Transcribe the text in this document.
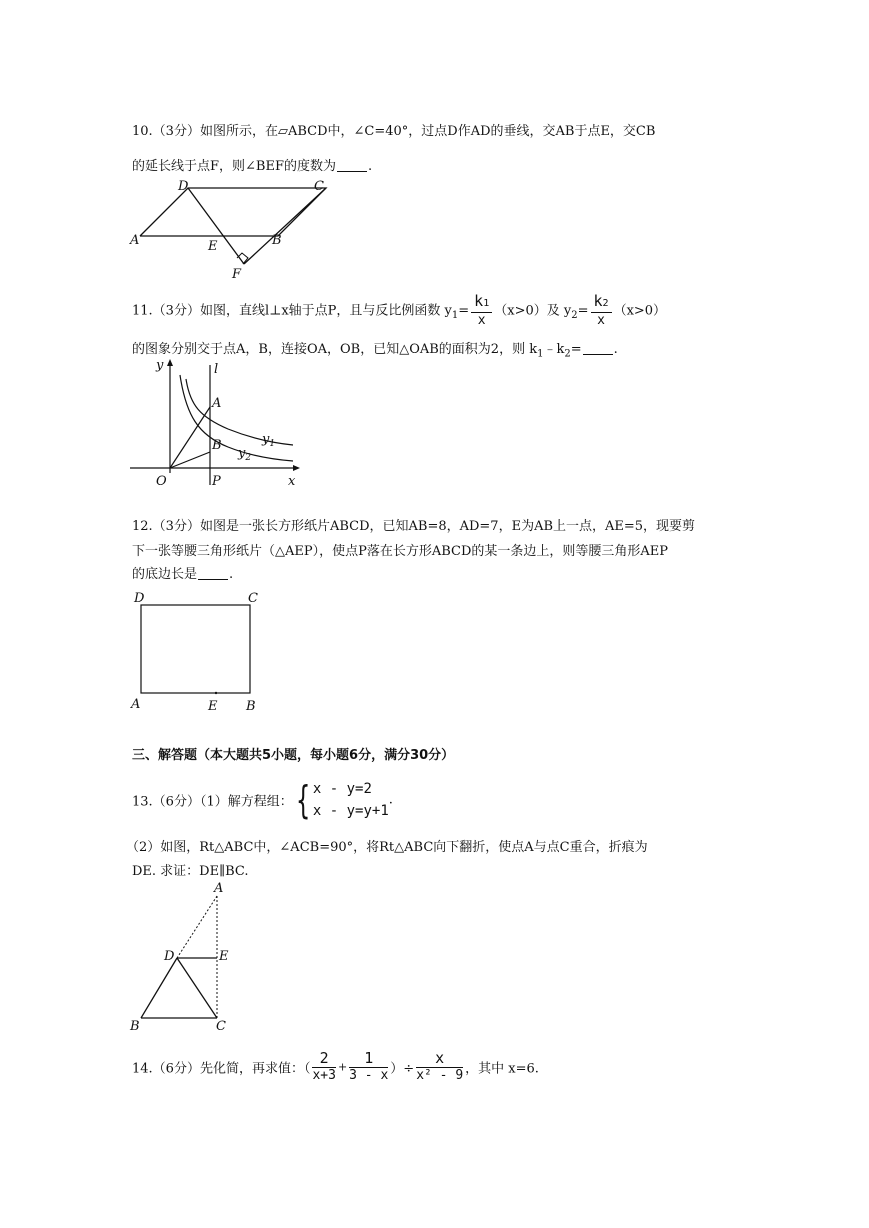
10.（3分）如图所示，在▱ABCD中，∠C=40°，过点D作AD的垂线，交AB于点E，交CB
的延长线于点F，则∠BEF的度数为 .
D	C
A	E	B
F
11.（3分）如图，直线l⊥x轴于点P，且与反比例函数 $y_1= \frac{k1}{x} (x>0)$及 $y_2= \frac{k2}{x} (x>0)$
的图象分别交于点A，B，连接OA，OB，已知△OAB的面积为2，则 $k_1﹣k_2=$ .
y	l
A
B	$y_1$
$y_2$
O	P	x
12.（3分）如图是一张长方形纸片ABCD，已知AB=8，AD=7，E为AB上一点，AE=5，现要剪
下一张等腰三角形纸片（△AEP），使点P落在长方形ABCD的某一条边上，则等腰三角形AEP
的底边长是 .
D	C
A	E B
三、解答题（本大题共5小题，每小题6分，满分30分）
13.（6分）（1）解方程组：{ x - y=2
x - y=y+1
.
（2）如图，Rt△ABC中，∠ACB=90°，将Rt△ABC向下翻折，使点A与点C重合，折痕为
DE. 求证：DE∥BC.
A
D	E
B	C
14.（6分）先化简，再求值：（ $\frac{2}{x+3} + \frac{1}{3 - x}$ ）÷ $\frac{x}{\text{x² - 9}}$ ，其中 x=6.
